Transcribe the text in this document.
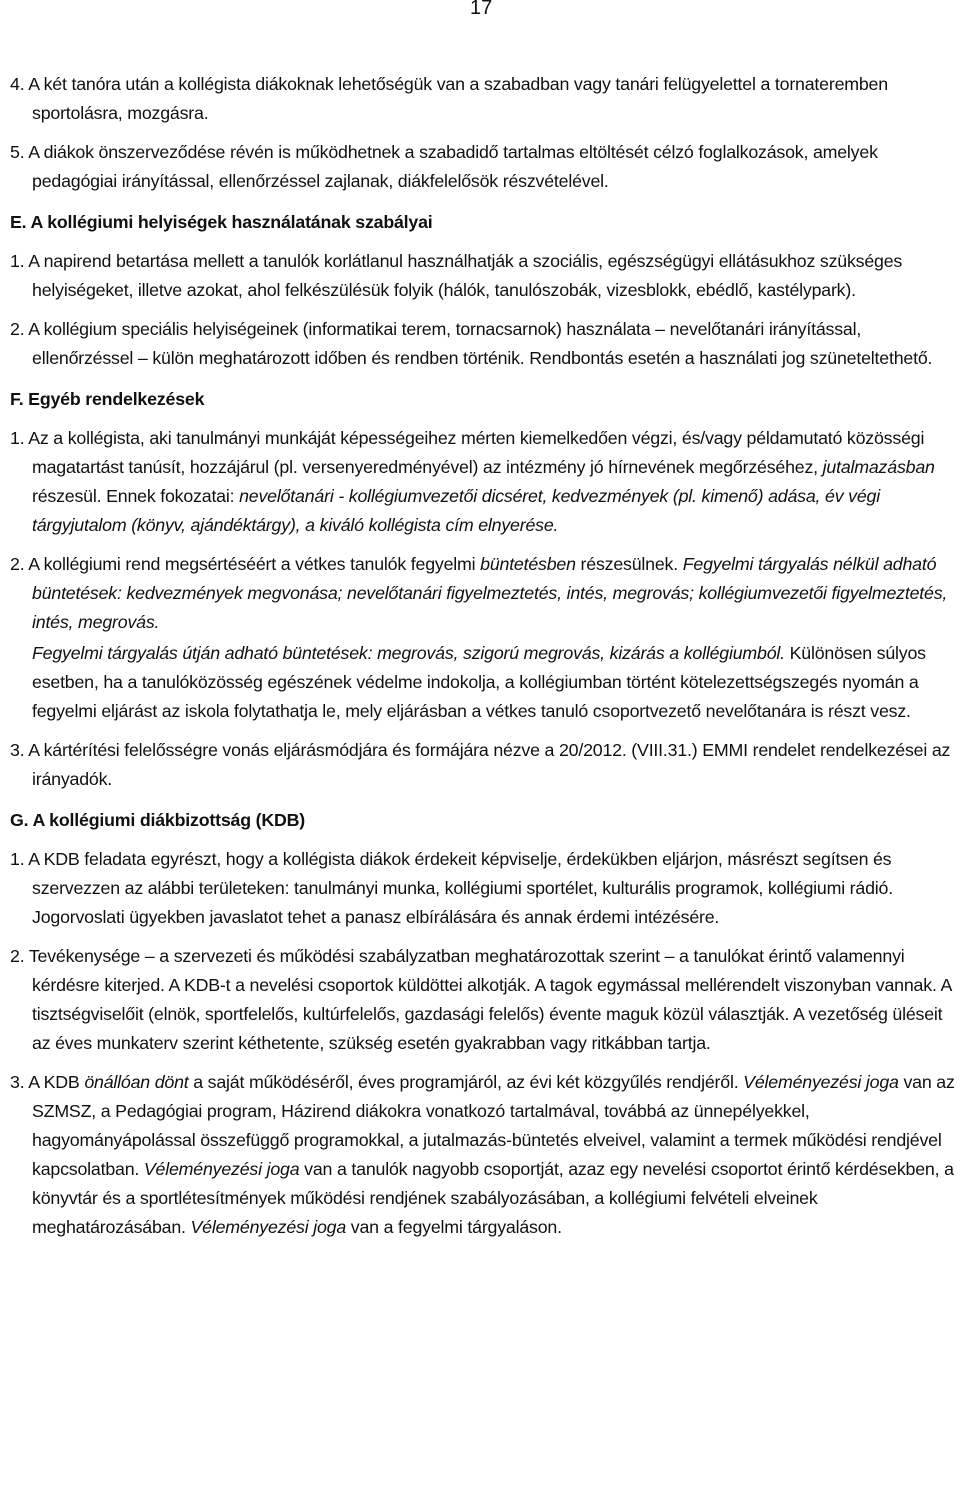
17

4. A két tanóra után a kollégista diákoknak lehetőségük van a szabadban vagy tanári felügyelettel a tornateremben sportolásra, mozgásra.

5. A diákok önszerveződése révén is működhetnek a szabadidő tartalmas eltöltését célzó foglalkozások, amelyek pedagógiai irányítással, ellenőrzéssel zajlanak, diákfelelősök részvételével.

E. A kollégiumi helyiségek használatának szabályai

1. A napirend betartása mellett a tanulók korlátlanul használhatják a szociális, egészségügyi ellátásukhoz szükséges helyiségeket, illetve azokat, ahol felkészülésük folyik (hálók, tanulószobák, vizesblokk, ebédlő, kastélypark).

2. A kollégium speciális helyiségeinek (informatikai terem, tornacsarnok) használata – nevelőtanári irányítással, ellenőrzéssel – külön meghatározott időben és rendben történik. Rendbontás esetén a használati jog szüneteltethető.

F. Egyéb rendelkezések

1. Az a kollégista, aki tanulmányi munkáját képességeihez mérten kiemelkedően végzi, és/vagy példamutató közösségi magatartást tanúsít, hozzájárul (pl. versenyeredményével) az intézmény jó hírnevének megőrzéséhez, jutalmazásban részesül. Ennek fokozatai: nevelőtanári - kollégiumvezetői dicséret, kedvezmények (pl. kimenő) adása, év végi tárgyjutalom (könyv, ajándéktárgy), a kiváló kollégista cím elnyerése.

2. A kollégiumi rend megsértéséért a vétkes tanulók fegyelmi büntetésben részesülnek. Fegyelmi tárgyalás nélkül adható büntetések: kedvezmények megvonása; nevelőtanári figyelmeztetés, intés, megrovás; kollégiumvezetői figyelmeztetés, intés, megrovás.

Fegyelmi tárgyalás útján adható büntetések: megrovás, szigorú megrovás, kizárás a kollégiumból. Különösen súlyos esetben, ha a tanulóközösség egészének védelme indokolja, a kollégiumban történt kötelezettségszegés nyomán a fegyelmi eljárást az iskola folytathatja le, mely eljárásban a vétkes tanuló csoportvezető nevelőtanára is részt vesz.

3. A kártérítési felelősségre vonás eljárásmódjára és formájára nézve a 20/2012. (VIII.31.) EMMI rendelet rendelkezései az irányadók.

G. A kollégiumi diákbizottság (KDB)

1. A KDB feladata egyrészt, hogy a kollégista diákok érdekeit képviselje, érdekükben eljárjon, másrészt segítsen és szervezzen az alábbi területeken: tanulmányi munka, kollégiumi sportélet, kulturális programok, kollégiumi rádió. Jogorvoslati ügyekben javaslatot tehet a panasz elbírálására és annak érdemi intézésére.

2. Tevékenysége – a szervezeti és működési szabályzatban meghatározottak szerint – a tanulókat érintő valamennyi kérdésre kiterjed. A KDB-t a nevelési csoportok küldöttei alkotják. A tagok egymással mellérendelt viszonyban vannak. A tisztségviselőit (elnök, sportfelelős, kultúrfelelős, gazdasági felelős) évente maguk közül választják. A vezetőség üléseit az éves munkaterv szerint kéthetente, szükség esetén gyakrabban vagy ritkábban tartja.

3. A KDB önállóan dönt a saját működéséről, éves programjáról, az évi két közgyűlés rendjéről. Véleményezési joga van az SZMSZ, a Pedagógiai program, Házirend diákokra vonatkozó tartalmával, továbbá az ünnepélyekkel, hagyományápolással összefüggő programokkal, a jutalmazás-büntetés elveivel, valamint a termek működési rendjével kapcsolatban. Véleményezési joga van a tanulók nagyobb csoportját, azaz egy nevelési csoportot érintő kérdésekben, a könyvtár és a sportlétesítmények működési rendjének szabályozásában, a kollégiumi felvételi elveinek meghatározásában. Véleményezési joga van a fegyelmi tárgyaláson.
